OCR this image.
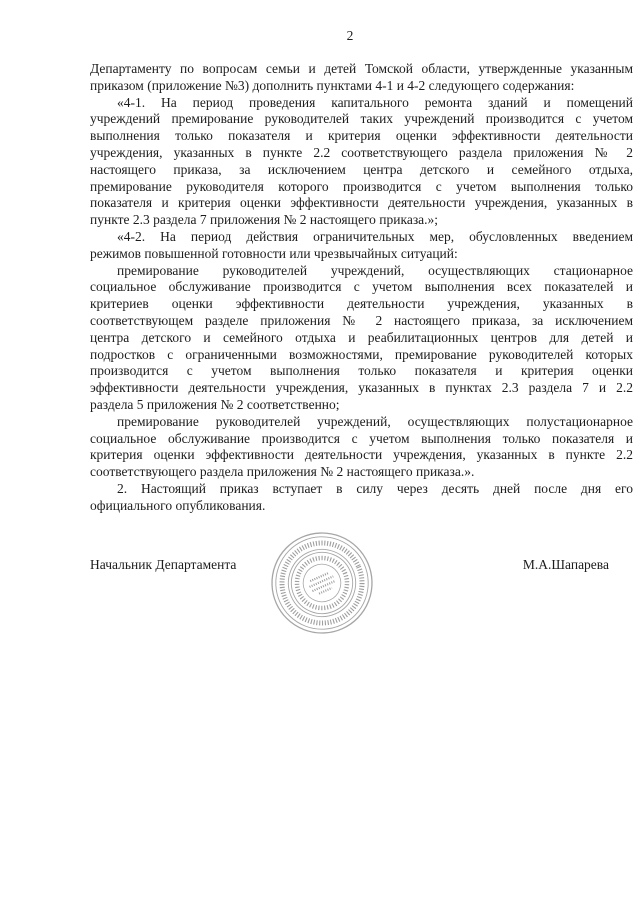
2
Департаменту по вопросам семьи и детей Томской области, утвержденные указанным
приказом (приложение №3) дополнить пунктами 4-1 и 4-2 следующего содержания:
«4-1. На период проведения капитального ремонта зданий и помещений
учреждений премирование руководителей таких учреждений производится с учетом
выполнения только показателя и критерия оценки эффективности деятельности
учреждения, указанных в пункте 2.2 соответствующего раздела приложения № 2
настоящего приказа, за исключением центра детского и семейного отдыха,
премирование руководителя которого производится с учетом выполнения только
показателя и критерия оценки эффективности деятельности учреждения, указанных в
пункте 2.3 раздела 7 приложения № 2 настоящего приказа.»;
«4-2. На период действия ограничительных мер, обусловленных введением
режимов повышенной готовности или чрезвычайных ситуаций:
премирование руководителей учреждений, осуществляющих стационарное
социальное обслуживание производится с учетом выполнения всех показателей и
критериев оценки эффективности деятельности учреждения, указанных в
соответствующем разделе приложения № 2 настоящего приказа, за исключением
центра детского и семейного отдыха и реабилитационных центров для детей и
подростков с ограниченными возможностями, премирование руководителей которых
производится с учетом выполнения только показателя и критерия оценки
эффективности деятельности учреждения, указанных в пунктах 2.3 раздела 7 и 2.2
раздела 5 приложения № 2 соответственно;
премирование руководителей учреждений, осуществляющих полустационарное
социальное обслуживание производится с учетом выполнения только показателя и
критерия оценки эффективности деятельности учреждения, указанных в пункте 2.2
соответствующего раздела приложения № 2 настоящего приказа.».
2. Настоящий приказ вступает в силу через десять дней после дня его
официального опубликования.
Начальник Департамента	М.А.Шапарева
